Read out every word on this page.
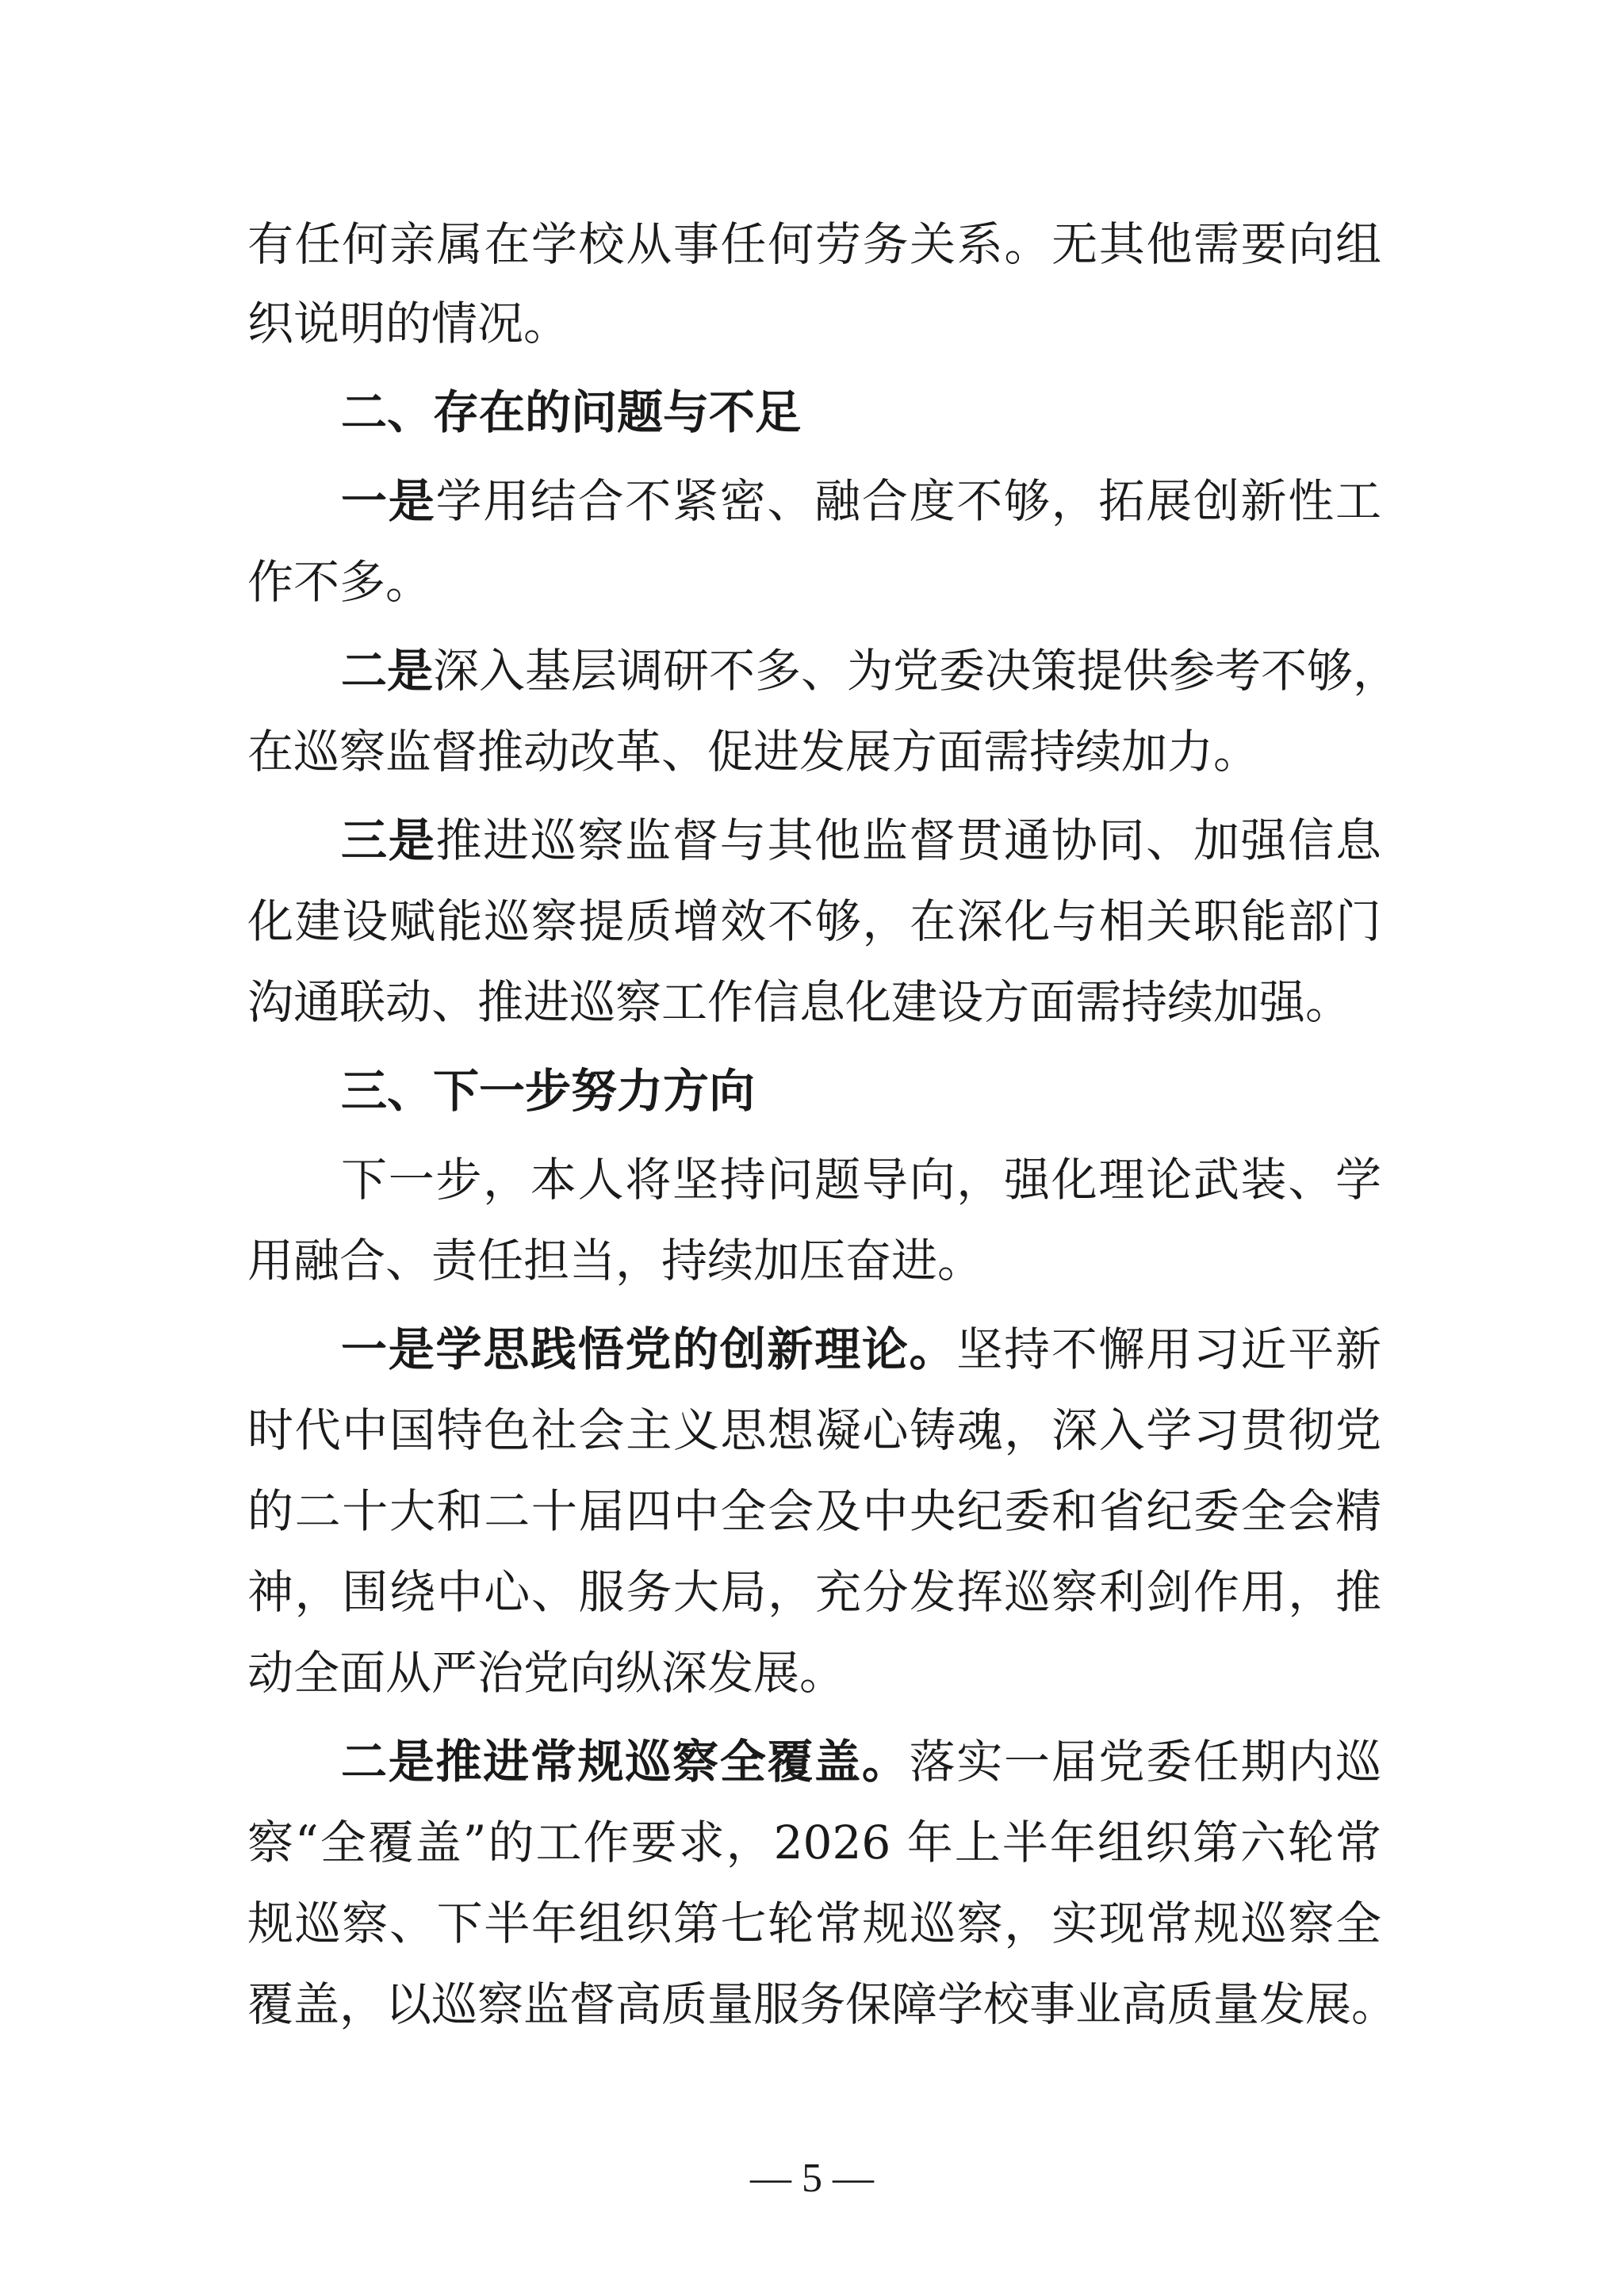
有任何亲属在学校从事任何劳务关系。无其他需要向组
织说明的情况。
二、存在的问题与不足
一是学用结合不紧密、融合度不够，拓展创新性工
作不多。
二是深入基层调研不多、为党委决策提供参考不够，
在巡察监督推动改革、促进发展方面需持续加力。
三是推进巡察监督与其他监督贯通协同、加强信息
化建设赋能巡察提质增效不够，在深化与相关职能部门
沟通联动、推进巡察工作信息化建设方面需持续加强。
三、下一步努力方向
下一步，本人将坚持问题导向，强化理论武装、学
用融合、责任担当，持续加压奋进。
一是学思践悟党的创新理论。坚持不懈用习近平新
时代中国特色社会主义思想凝心铸魂，深入学习贯彻党
的二十大和二十届四中全会及中央纪委和省纪委全会精
神，围绕中心、服务大局，充分发挥巡察利剑作用，推
动全面从严治党向纵深发展。
二是推进常规巡察全覆盖。落实一届党委任期内巡
察“全覆盖”的工作要求，2026 年上半年组织第六轮常
规巡察、下半年组织第七轮常规巡察，实现常规巡察全
覆盖，以巡察监督高质量服务保障学校事业高质量发展。
— 5 —
